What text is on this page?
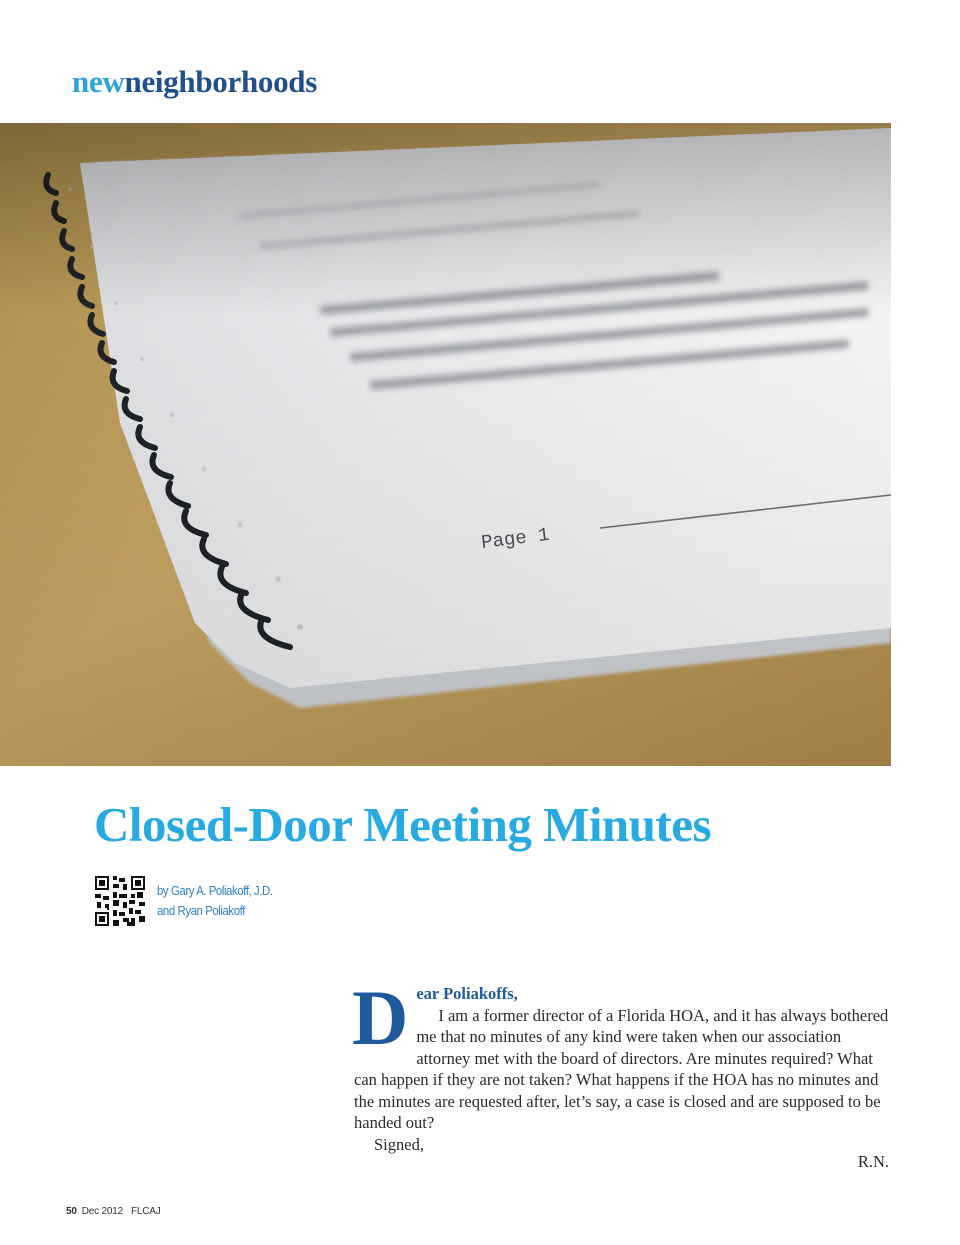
newneighborhoods
Closed-Door Meeting Minutes
by Gary A. Poliakoff, J.D.
and Ryan Poliakoff
D ear Poliakoffs,
I am a former director of a Florida HOA, and it has always bothered me that no minutes of any kind were taken when our association attorney met with the board of directors. Are minutes required? What can happen if they are not taken? What happens if the HOA has no minutes and the minutes are requested after, let’s say, a case is closed and are supposed to be handed out?
Signed,
R.N.
50 Dec 2012 FLCAJ
